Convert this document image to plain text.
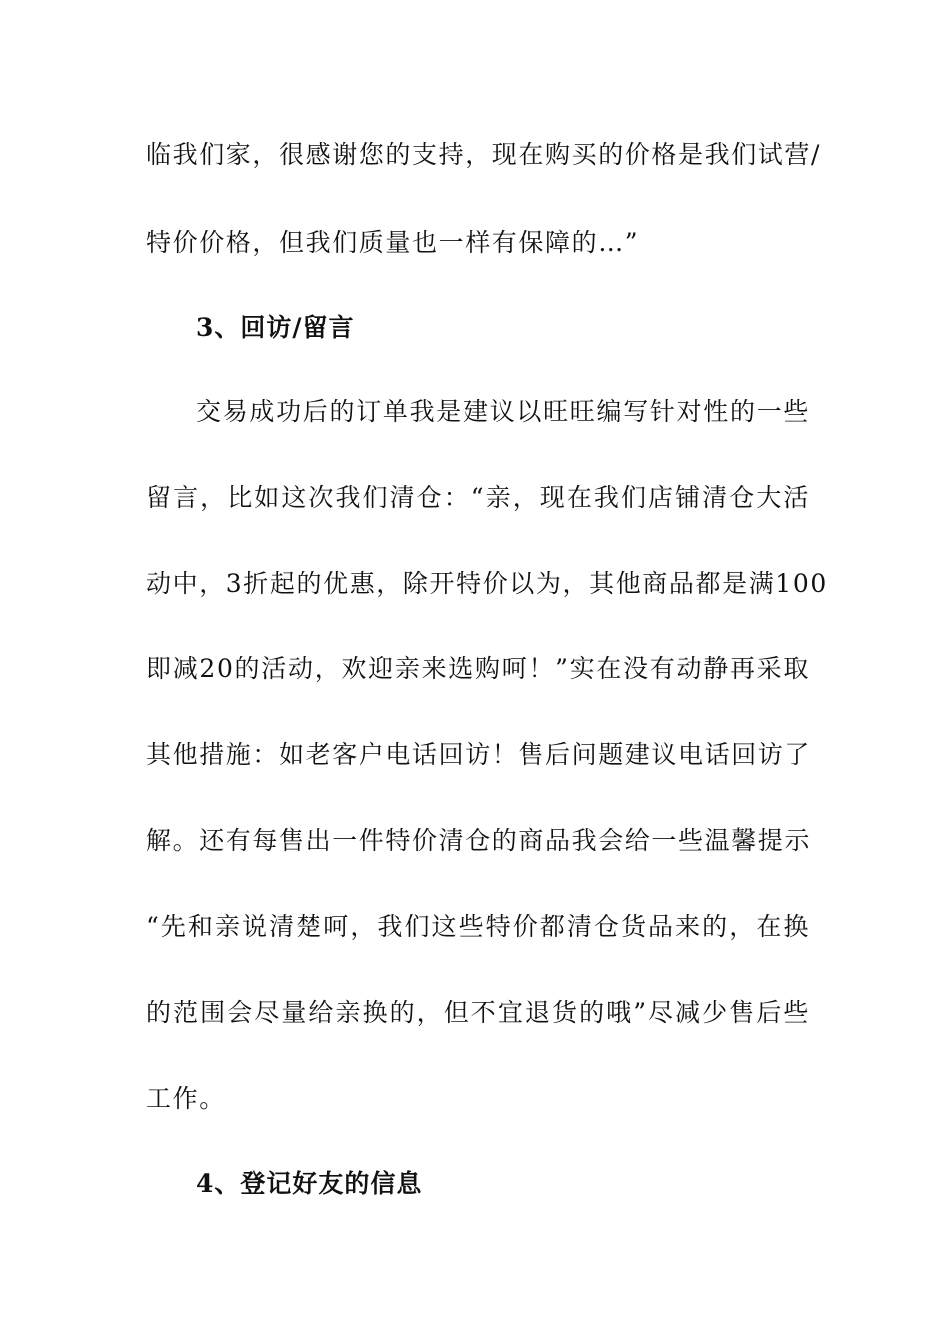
临我们家，很感谢您的支持，现在购买的价格是我们试营/
特价价格，但我们质量也一样有保障的…”
3、回访/留言
交易成功后的订单我是建议以旺旺编写针对性的一些
留言，比如这次我们清仓：“亲，现在我们店铺清仓大活
动中，3折起的优惠，除开特价以为，其他商品都是满100
即减20的活动，欢迎亲来选购呵！”实在没有动静再采取
其他措施：如老客户电话回访！售后问题建议电话回访了
解。还有每售出一件特价清仓的商品我会给一些温馨提示
“先和亲说清楚呵，我们这些特价都清仓货品来的，在换
的范围会尽量给亲换的，但不宜退货的哦”尽减少售后些
工作。
4、登记好友的信息
